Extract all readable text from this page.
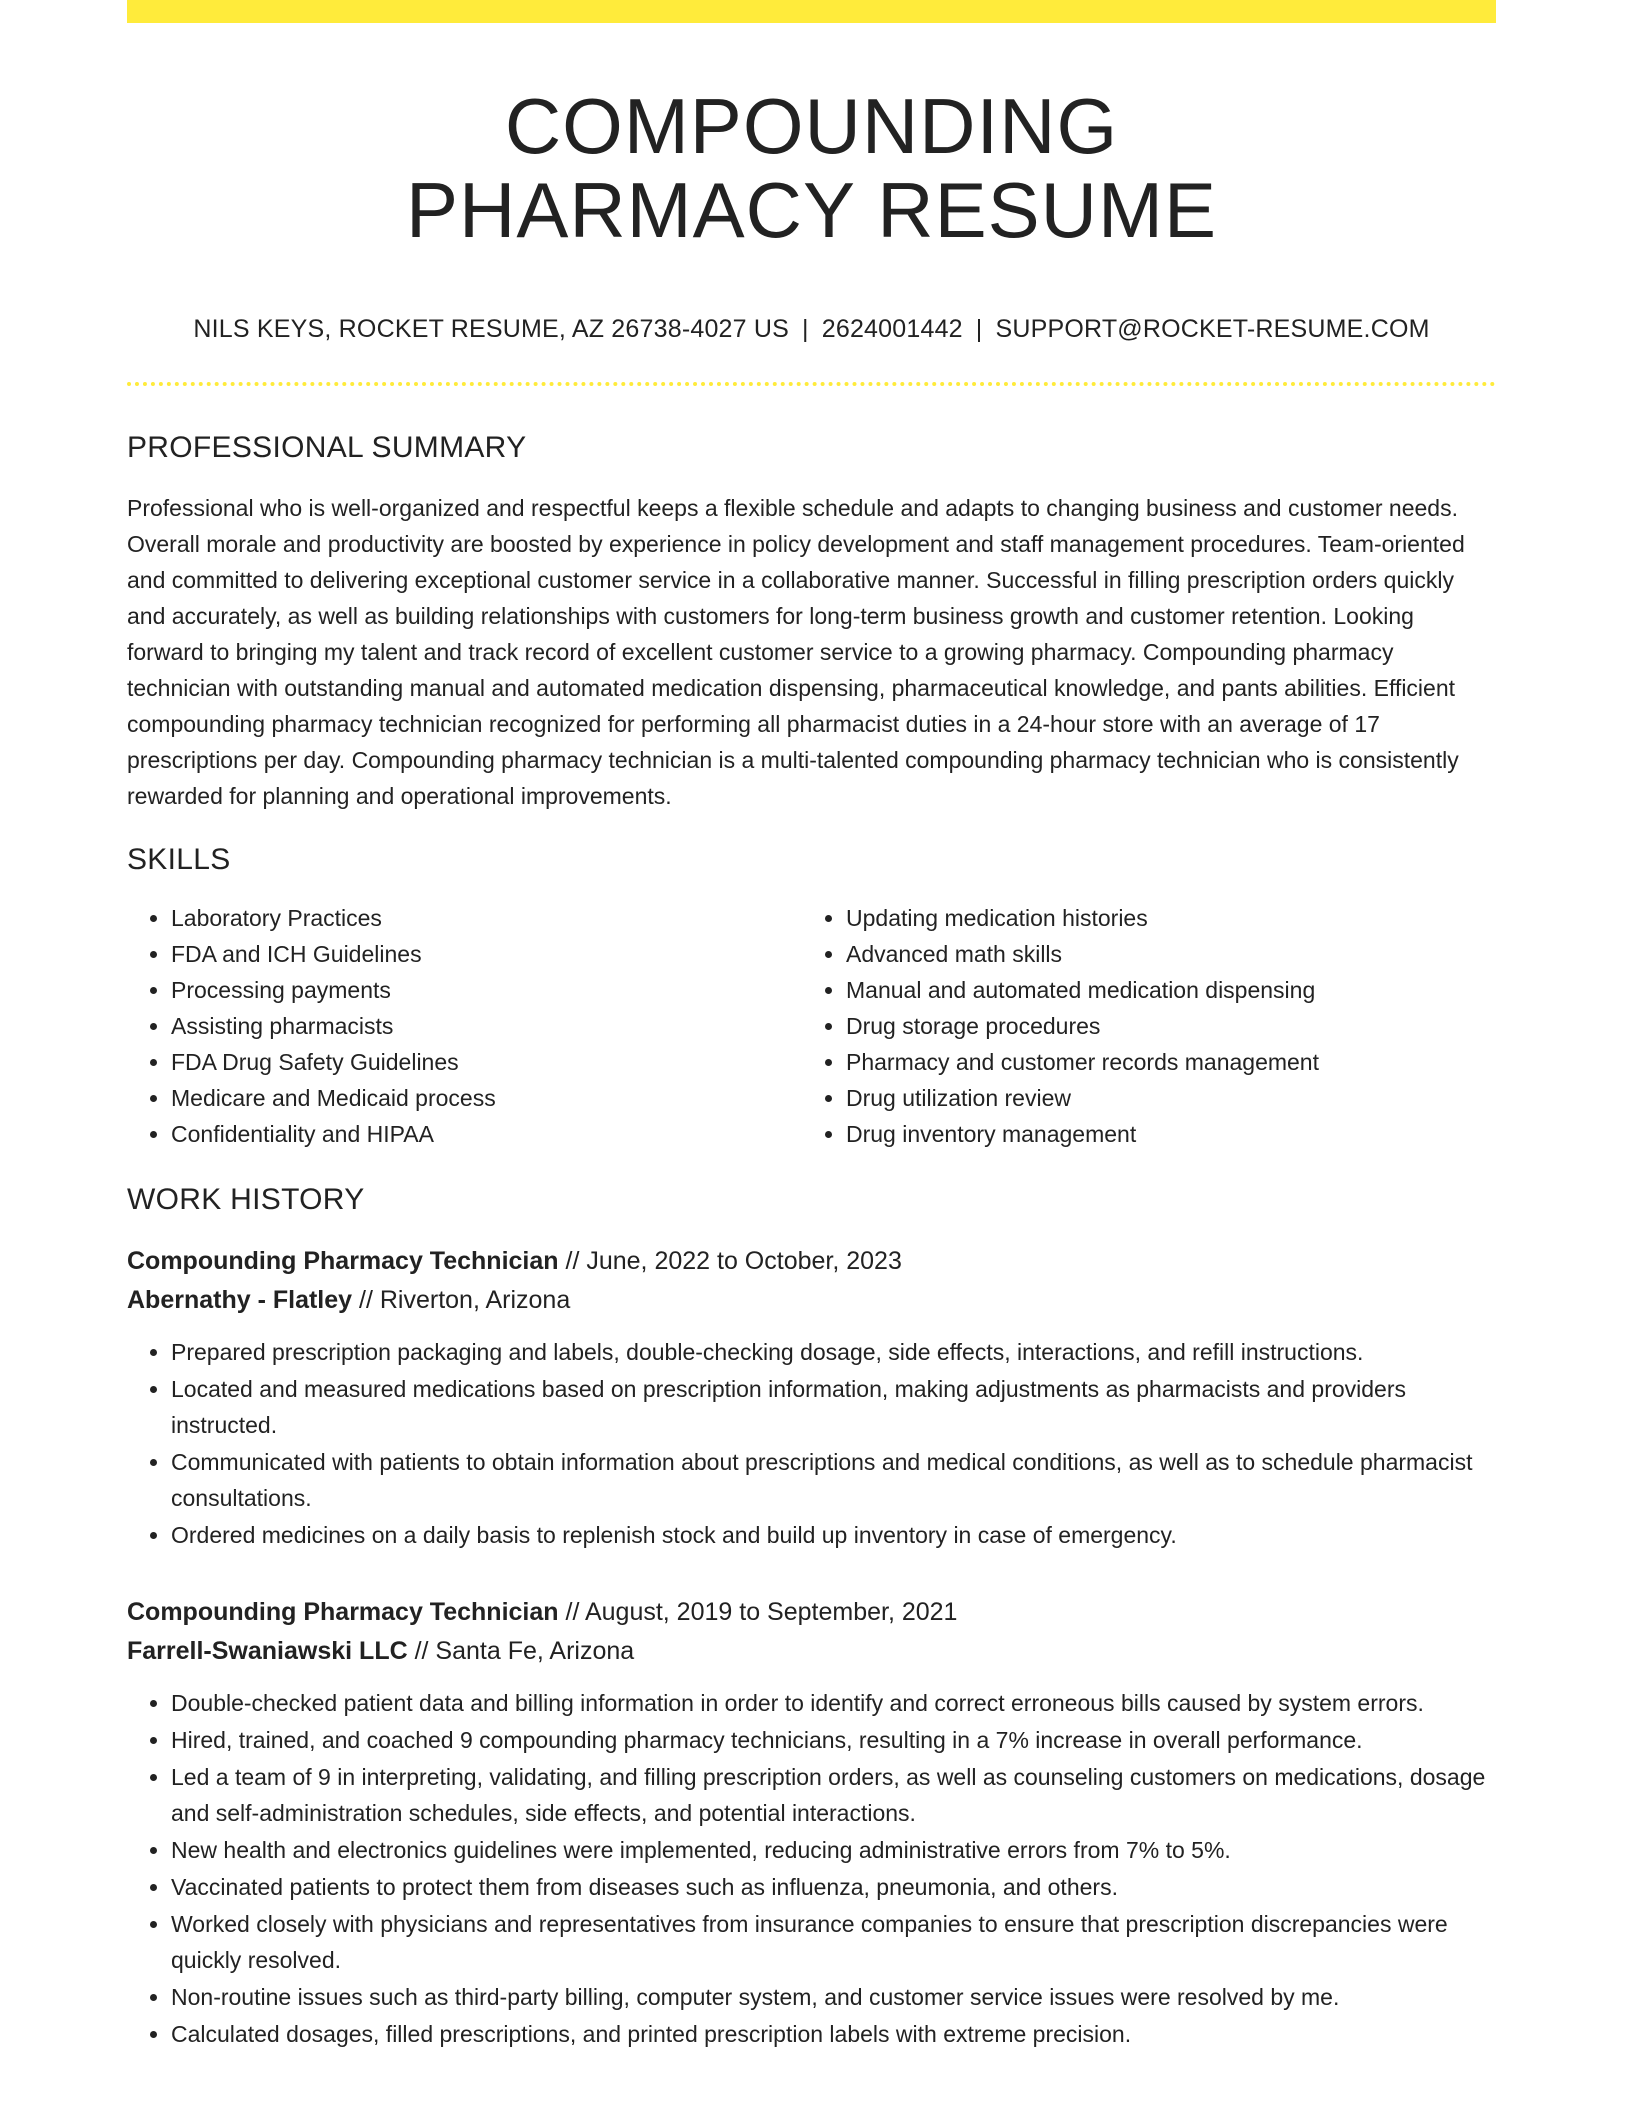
COMPOUNDING
PHARMACY RESUME
NILS KEYS, ROCKET RESUME, AZ 26738-4027 US | 2624001442 | SUPPORT@ROCKET-RESUME.COM
PROFESSIONAL SUMMARY

Professional who is well-organized and respectful keeps a flexible schedule and adapts to changing business and customer needs. Overall morale and productivity are boosted by experience in policy development and staff management procedures. Team-oriented and committed to delivering exceptional customer service in a collaborative manner. Successful in filling prescription orders quickly and accurately, as well as building relationships with customers for long-term business growth and customer retention. Looking forward to bringing my talent and track record of excellent customer service to a growing pharmacy. Compounding pharmacy technician with outstanding manual and automated medication dispensing, pharmaceutical knowledge, and pants abilities. Efficient compounding pharmacy technician recognized for performing all pharmacist duties in a 24-hour store with an average of 17 prescriptions per day. Compounding pharmacy technician is a multi-talented compounding pharmacy technician who is consistently rewarded for planning and operational improvements.

SKILLS
• Laboratory Practices
• FDA and ICH Guidelines
• Processing payments
• Assisting pharmacists
• FDA Drug Safety Guidelines
• Medicare and Medicaid process
• Confidentiality and HIPAA
• Updating medication histories
• Advanced math skills
• Manual and automated medication dispensing
• Drug storage procedures
• Pharmacy and customer records management
• Drug utilization review
• Drug inventory management
WORK HISTORY
Compounding Pharmacy Technician // June, 2022 to October, 2023
Abernathy - Flatley // Riverton, Arizona
• Prepared prescription packaging and labels, double-checking dosage, side effects, interactions, and refill instructions.
• Located and measured medications based on prescription information, making adjustments as pharmacists and providers instructed.
• Communicated with patients to obtain information about prescriptions and medical conditions, as well as to schedule pharmacist consultations.
• Ordered medicines on a daily basis to replenish stock and build up inventory in case of emergency.
Compounding Pharmacy Technician // August, 2019 to September, 2021
Farrell-Swaniawski LLC // Santa Fe, Arizona
• Double-checked patient data and billing information in order to identify and correct erroneous bills caused by system errors.
• Hired, trained, and coached 9 compounding pharmacy technicians, resulting in a 7% increase in overall performance.
• Led a team of 9 in interpreting, validating, and filling prescription orders, as well as counseling customers on medications, dosage and self-administration schedules, side effects, and potential interactions.
• New health and electronics guidelines were implemented, reducing administrative errors from 7% to 5%.
• Vaccinated patients to protect them from diseases such as influenza, pneumonia, and others.
• Worked closely with physicians and representatives from insurance companies to ensure that prescription discrepancies were quickly resolved.
• Non-routine issues such as third-party billing, computer system, and customer service issues were resolved by me.
• Calculated dosages, filled prescriptions, and printed prescription labels with extreme precision.
